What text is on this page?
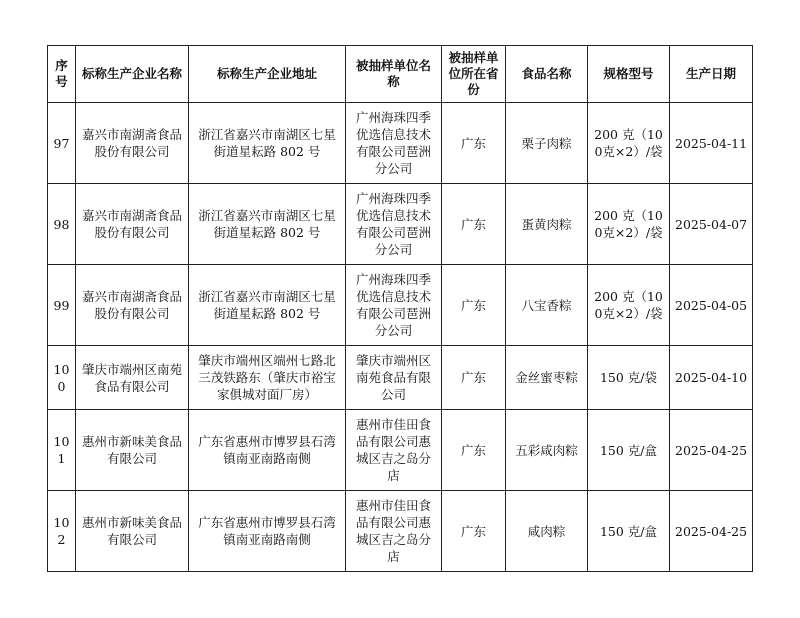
序号	标称生产企业名称	标称生产企业地址	被抽样单位名称	被抽样单位所在省份	食品名称	规格型号	生产日期
97	嘉兴市南湖斋食品股份有限公司	浙江省嘉兴市南湖区七星街道星耘路 802 号	广州海珠四季优选信息技术有限公司琶洲分公司	广东	栗子肉粽	200 克（100克×2）/袋	2025-04-11
98	嘉兴市南湖斋食品股份有限公司	浙江省嘉兴市南湖区七星街道星耘路 802 号	广州海珠四季优选信息技术有限公司琶洲分公司	广东	蛋黄肉粽	200 克（100克×2）/袋	2025-04-07
99	嘉兴市南湖斋食品股份有限公司	浙江省嘉兴市南湖区七星街道星耘路 802 号	广州海珠四季优选信息技术有限公司琶洲分公司	广东	八宝香粽	200 克（100克×2）/袋	2025-04-05
100	肇庆市端州区南苑食品有限公司	肇庆市端州区端州七路北三茂铁路东（肇庆市裕宝家俱城对面厂房）	肇庆市端州区南苑食品有限公司	广东	金丝蜜枣粽	150 克/袋	2025-04-10
101	惠州市新味美食品有限公司	广东省惠州市博罗县石湾镇南亚南路南侧	惠州市佳田食品有限公司惠城区吉之岛分店	广东	五彩咸肉粽	150 克/盒	2025-04-25
102	惠州市新味美食品有限公司	广东省惠州市博罗县石湾镇南亚南路南侧	惠州市佳田食品有限公司惠城区吉之岛分店	广东	咸肉粽	150 克/盒	2025-04-25
